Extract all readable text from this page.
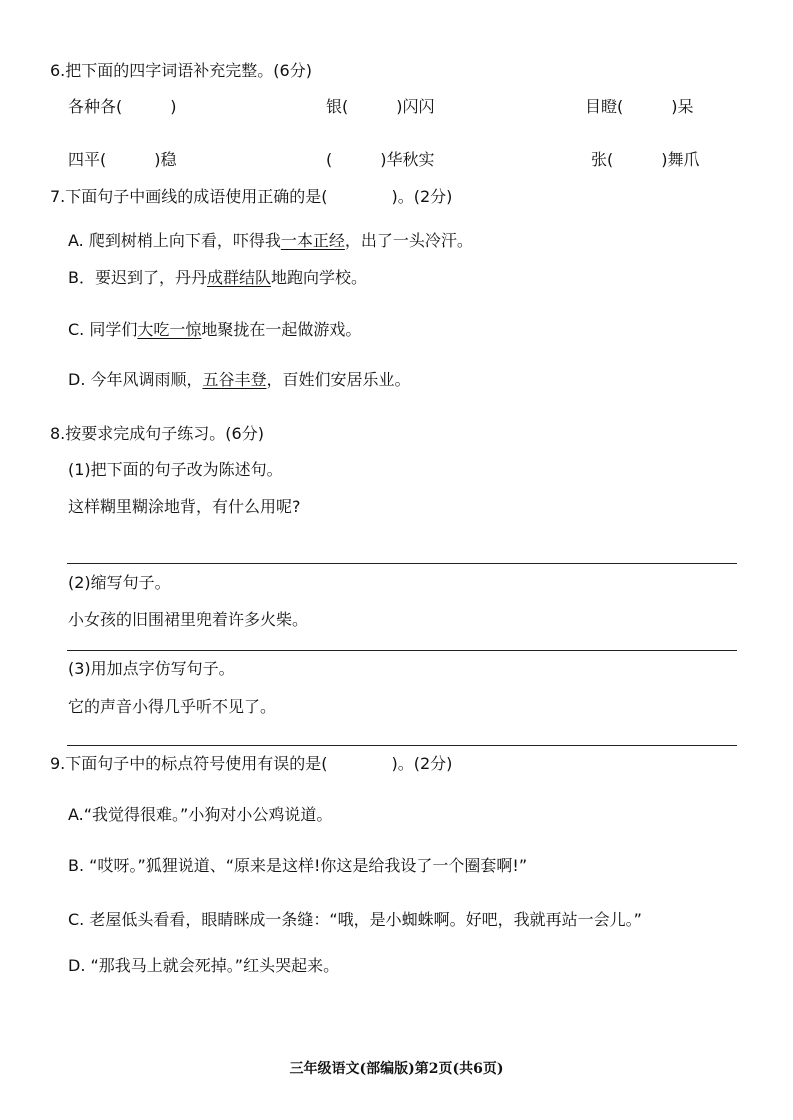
6.把下面的四字词语补充完整。(6分)
各种各(　　　)	银(　　　)闪闪	目瞪(　　　)呆
四平(　　　)稳	(　　　)华秋实	张(　　　)舞爪
7.下面句子中画线的成语使用正确的是(　　　　)。(2分)
A. 爬到树梢上向下看，吓得我一本正经，出了一头冷汗。
B．要迟到了，丹丹成群结队地跑向学校。
C. 同学们大吃一惊地聚拢在一起做游戏。
D. 今年风调雨顺，五谷丰登，百姓们安居乐业。
8.按要求完成句子练习。(6分)
(1)把下面的句子改为陈述句。
这样糊里糊涂地背，有什么用呢?
(2)缩写句子。
小女孩的旧围裙里兜着许多火柴。
(3)用加点字仿写句子。
它的声音小得几乎听不见了。
9.下面句子中的标点符号使用有误的是(　　　　)。(2分)
A.“我觉得很难。”小狗对小公鸡说道。
B. “哎呀。”狐狸说道、“原来是这样!你这是给我设了一个圈套啊!”
C. 老屋低头看看，眼睛眯成一条缝：“哦，是小蜘蛛啊。好吧，我就再站一会儿。”
D. “那我马上就会死掉。”红头哭起来。
三年级语文(部编版)第2页(共6页)
